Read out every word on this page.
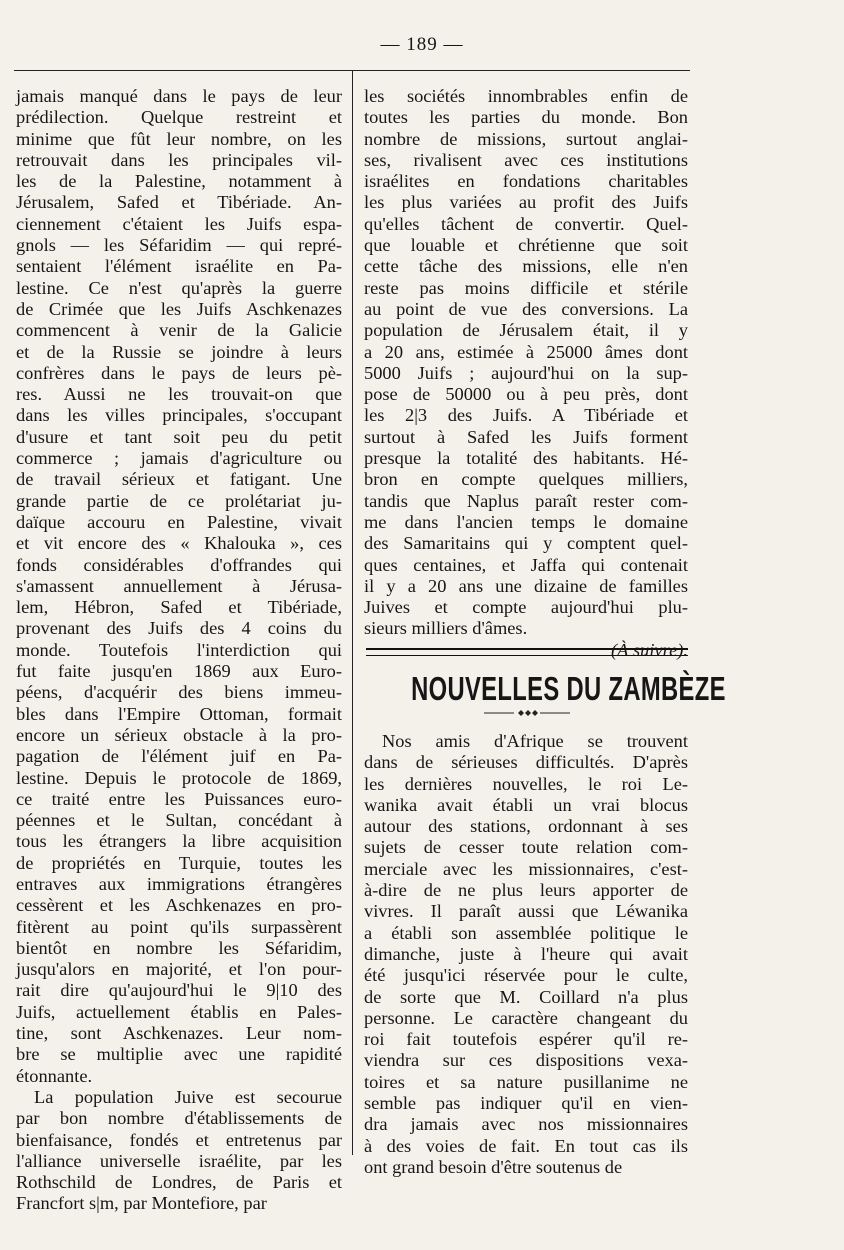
— 189 —
jamais manqué dans le pays de leur
prédilection. Quelque restreint et
minime que fût leur nombre, on les
retrouvait dans les principales vil-
les de la Palestine, notamment à
Jérusalem, Safed et Tibériade. An-
ciennement c'étaient les Juifs espa-
gnols — les Séfaridim — qui repré-
sentaient l'élément israélite en Pa-
lestine. Ce n'est qu'après la guerre
de Crimée que les Juifs Aschkenazes
commencent à venir de la Galicie
et de la Russie se joindre à leurs
confrères dans le pays de leurs pè-
res. Aussi ne les trouvait-on que
dans les villes principales, s'occupant
d'usure et tant soit peu du petit
commerce ; jamais d'agriculture ou
de travail sérieux et fatigant. Une
grande partie de ce prolétariat ju-
daïque accouru en Palestine, vivait
et vit encore des « Khalouka », ces
fonds considérables d'offrandes qui
s'amassent annuellement à Jérusa-
lem, Hébron, Safed et Tibériade,
provenant des Juifs des 4 coins du
monde. Toutefois l'interdiction qui
fut faite jusqu'en 1869 aux Euro-
péens, d'acquérir des biens immeu-
bles dans l'Empire Ottoman, formait
encore un sérieux obstacle à la pro-
pagation de l'élément juif en Pa-
lestine. Depuis le protocole de 1869,
ce traité entre les Puissances euro-
péennes et le Sultan, concédant à
tous les étrangers la libre acquisition
de propriétés en Turquie, toutes les
entraves aux immigrations étrangères
cessèrent et les Aschkenazes en pro-
fitèrent au point qu'ils surpassèrent
bientôt en nombre les Séfaridim,
jusqu'alors en majorité, et l'on pour-
rait dire qu'aujourd'hui le 9|10 des
Juifs, actuellement établis en Pales-
tine, sont Aschkenazes. Leur nom-
bre se multiplie avec une rapidité
étonnante.
La population Juive est secourue
par bon nombre d'établissements de
bienfaisance, fondés et entretenus par
l'alliance universelle israélite, par les
Rothschild de Londres, de Paris et
Francfort s|m, par Montefiore, par
les sociétés innombrables enfin de
toutes les parties du monde. Bon
nombre de missions, surtout anglai-
ses, rivalisent avec ces institutions
israélites en fondations charitables
les plus variées au profit des Juifs
qu'elles tâchent de convertir. Quel-
que louable et chrétienne que soit
cette tâche des missions, elle n'en
reste pas moins difficile et stérile
au point de vue des conversions. La
population de Jérusalem était, il y
a 20 ans, estimée à 25000 âmes dont
5000 Juifs ; aujourd'hui on la sup-
pose de 50000 ou à peu près, dont
les 2|3 des Juifs. A Tibériade et
surtout à Safed les Juifs forment
presque la totalité des habitants. Hé-
bron en compte quelques milliers,
tandis que Naplus paraît rester com-
me dans l'ancien temps le domaine
des Samaritains qui y comptent quel-
ques centaines, et Jaffa qui contenait
il y a 20 ans une dizaine de familles
Juives et compte aujourd'hui plu-
sieurs milliers d'âmes.
(À suivre).
NOUVELLES DU ZAMBÈZE
Nos amis d'Afrique se trouvent
dans de sérieuses difficultés. D'après
les dernières nouvelles, le roi Le-
wanika avait établi un vrai blocus
autour des stations, ordonnant à ses
sujets de cesser toute relation com-
merciale avec les missionnaires, c'est-
à-dire de ne plus leurs apporter de
vivres. Il paraît aussi que Léwanika
a établi son assemblée politique le
dimanche, juste à l'heure qui avait
été jusqu'ici réservée pour le culte,
de sorte que M. Coillard n'a plus
personne. Le caractère changeant du
roi fait toutefois espérer qu'il re-
viendra sur ces dispositions vexa-
toires et sa nature pusillanime ne
semble pas indiquer qu'il en vien-
dra jamais avec nos missionnaires
à des voies de fait. En tout cas ils
ont grand besoin d'être soutenus de
